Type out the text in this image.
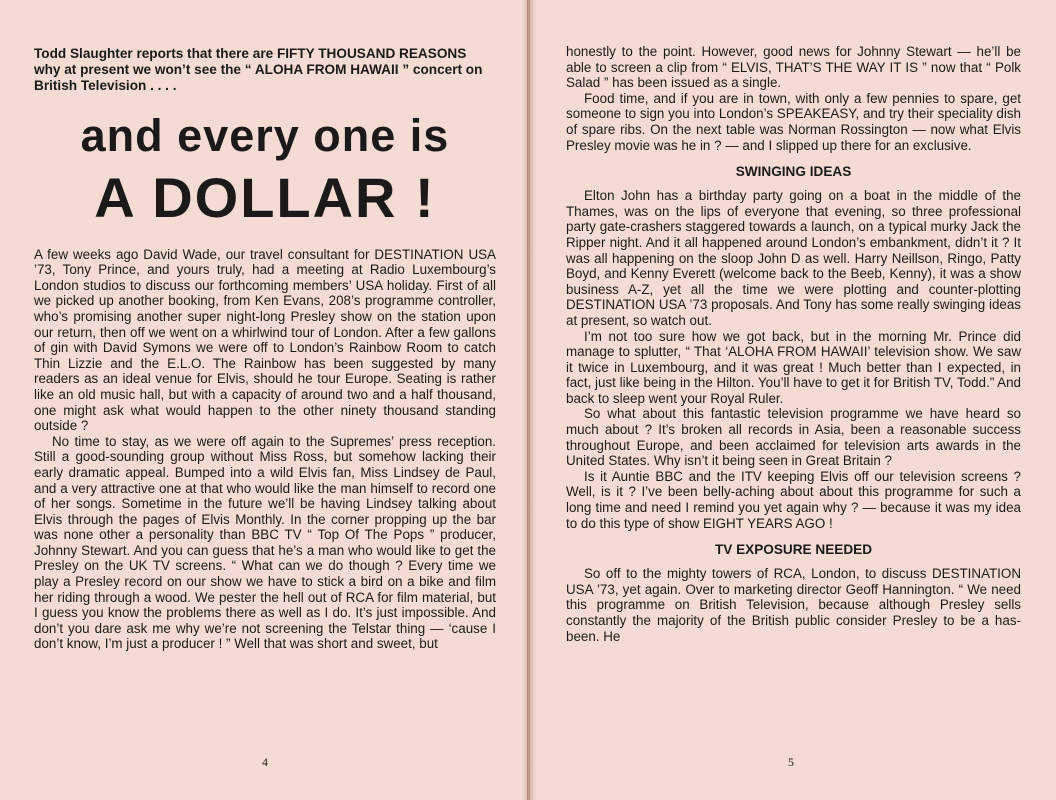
Todd Slaughter reports that there are FIFTY THOUSAND REASONS why at present we won’t see the “ ALOHA FROM HAWAII ” concert on British Television . . . .
and every one is
A DOLLAR !

A few weeks ago David Wade, our travel consultant for DESTINATION USA ’73, Tony Prince, and yours truly, had a meeting at Radio Luxembourg’s London studios to discuss our forthcoming members’ USA holiday. First of all we picked up another booking, from Ken Evans, 208’s programme controller, who’s promising another super night-long Presley show on the station upon our return, then off we went on a whirlwind tour of London. After a few gallons of gin with David Symons we were off to London’s Rainbow Room to catch Thin Lizzie and the E.L.O. The Rainbow has been suggested by many readers as an ideal venue for Elvis, should he tour Europe. Seating is rather like an old music hall, but with a capacity of around two and a half thousand, one might ask what would happen to the other ninety thousand standing outside ?

No time to stay, as we were off again to the Supremes’ press reception. Still a good-sounding group without Miss Ross, but somehow lacking their early dramatic appeal. Bumped into a wild Elvis fan, Miss Lindsey de Paul, and a very attractive one at that who would like the man himself to record one of her songs. Sometime in the future we’ll be having Lindsey talking about Elvis through the pages of Elvis Monthly. In the corner propping up the bar was none other a personality than BBC TV “ Top Of The Pops ” producer, Johnny Stewart. And you can guess that he’s a man who would like to get the Presley on the UK TV screens. “ What can we do though ? Every time we play a Presley record on our show we have to stick a bird on a bike and film her riding through a wood. We pester the hell out of RCA for film material, but I guess you know the problems there as well as I do. It’s just impossible. And don’t you dare ask me why we’re not screening the Telstar thing — ‘cause I don’t know, I’m just a producer ! ” Well that was short and sweet, but

4

honestly to the point. However, good news for Johnny Stewart — he’ll be able to screen a clip from “ ELVIS, THAT’S THE WAY IT IS ” now that “ Polk Salad ” has been issued as a single.

Food time, and if you are in town, with only a few pennies to spare, get someone to sign you into London’s SPEAKEASY, and try their speciality dish of spare ribs. On the next table was Norman Rossington — now what Elvis Presley movie was he in ? — and I slipped up there for an exclusive.

SWINGING IDEAS

Elton John has a birthday party going on a boat in the middle of the Thames, was on the lips of everyone that evening, so three professional party gate-crashers staggered towards a launch, on a typical murky Jack the Ripper night. And it all happened around London’s embankment, didn’t it ? It was all happening on the sloop John D as well. Harry Neillson, Ringo, Patty Boyd, and Kenny Everett (welcome back to the Beeb, Kenny), it was a show business A-Z, yet all the time we were plotting and counter-plotting DESTINATION USA ’73 proposals. And Tony has some really swinging ideas at present, so watch out.

I’m not too sure how we got back, but in the morning Mr. Prince did manage to splutter, “ That ‘ALOHA FROM HAWAII’ television show. We saw it twice in Luxembourg, and it was great ! Much better than I expected, in fact, just like being in the Hilton. You’ll have to get it for British TV, Todd.” And back to sleep went your Royal Ruler.

So what about this fantastic television programme we have heard so much about ? It’s broken all records in Asia, been a reasonable success throughout Europe, and been acclaimed for television arts awards in the United States. Why isn’t it being seen in Great Britain ?

Is it Auntie BBC and the ITV keeping Elvis off our television screens ? Well, is it ? I’ve been belly-aching about about this programme for such a long time and need I remind you yet again why ? — because it was my idea to do this type of show EIGHT YEARS AGO !

TV EXPOSURE NEEDED

So off to the mighty towers of RCA, London, to discuss DESTINATION USA ’73, yet again. Over to marketing director Geoff Hannington. “ We need this programme on British Television, because although Presley sells constantly the majority of the British public consider Presley to be a has-been. He

5
